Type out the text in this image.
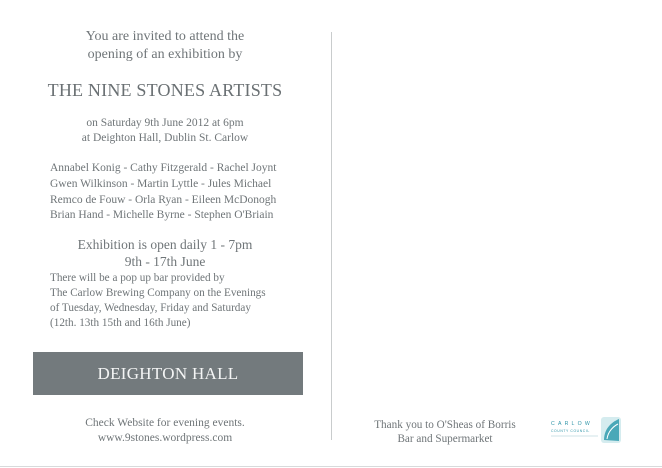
You are invited to attend the
opening of an exhibition by
THE NINE STONES ARTISTS
on Saturday 9th June 2012 at 6pm
at Deighton Hall, Dublin St. Carlow
Annabel Konig - Cathy Fitzgerald - Rachel Joynt
Gwen Wilkinson - Martin Lyttle - Jules Michael
Remco de Fouw - Orla Ryan - Eileen McDonogh
Brian Hand - Michelle Byrne - Stephen O'Briain
Exhibition is open daily 1 - 7pm
9th - 17th June
There will be a pop up bar provided by
The Carlow Brewing Company on the Evenings
of Tuesday, Wednesday, Friday and Saturday
(12th. 13th 15th and 16th June)
DEIGHTON HALL
Check Website for evening events.
www.9stones.wordpress.com
Thank you to O'Sheas of Borris
Bar and Supermarket
CARLOW
COUNTY COUNCIL
